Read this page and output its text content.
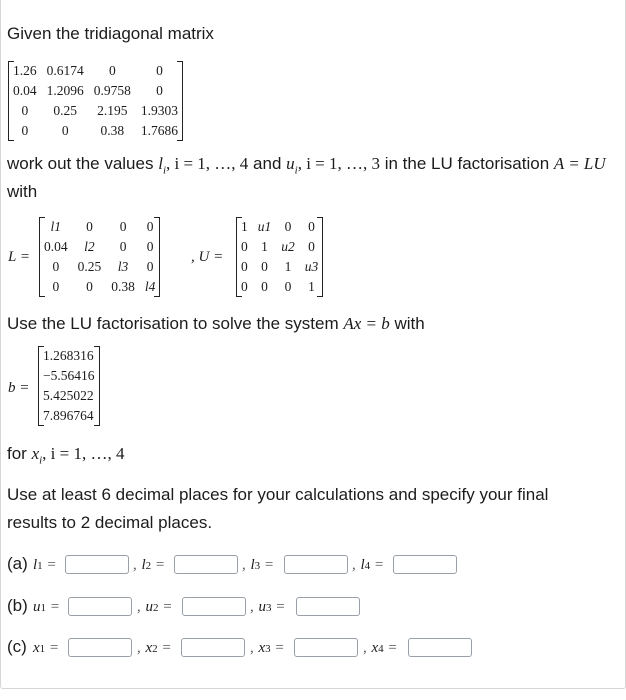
Given the tridiagonal matrix
1.26	0.6174	0	0
0.04	1.2096	0.9758	0
0	0.25	2.195	1.9303
0	0	0.38	1.7686
work out the values $l_i$, i = 1, …, 4 and $u_i$, i = 1, …, 3 in the LU factorisation A = LU
with
L =
l1	0	0	0
0.04	l2	0	0
0	0.25	l3	0
0	0	0.38	l4
, U =
1	u1	0	0
0	1	u2	0
0	0	1	u3
0	0	0	1
Use the LU factorisation to solve the system Ax = b with
b =
1.268316
−5.56416
5.425022
7.896764
for $x_i$, i = 1, …, 4
Use at least 6 decimal places for your calculations and specify your final
results to 2 decimal places.
(a) l1 =	, l2 =	, l3 =	, l4 =
(b) u1 =	, u2 =	, u3 =
(c) x1 =	, x2 =	, x3 =	, x4 =
